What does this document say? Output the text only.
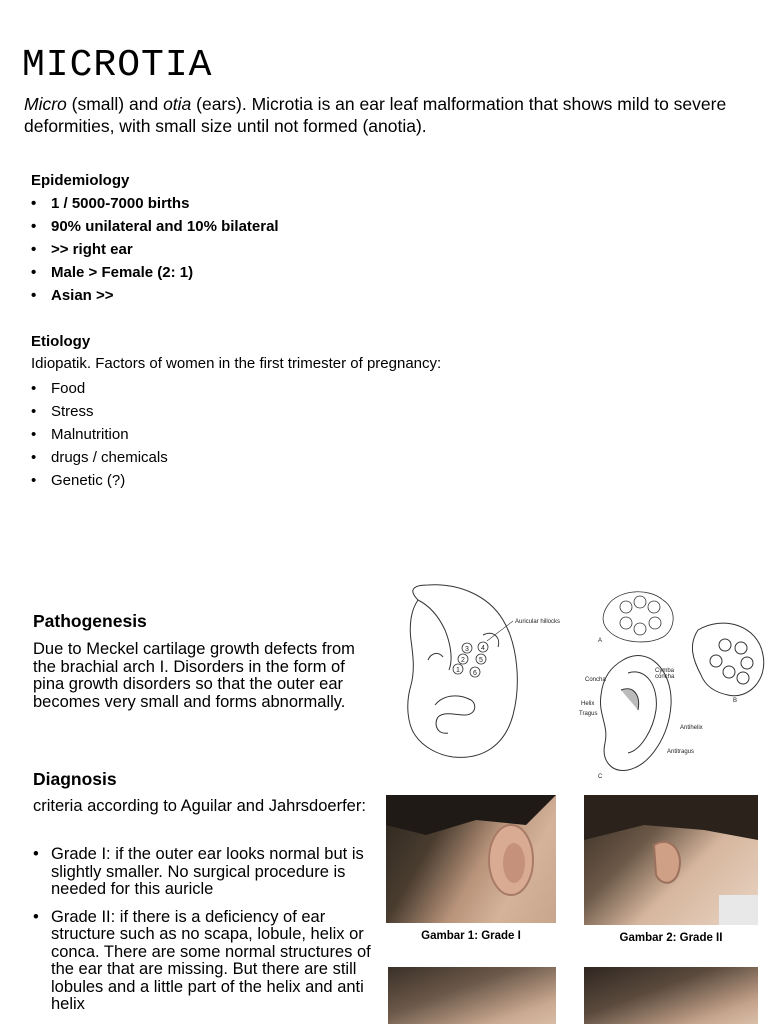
MICROTIA

Micro (small) and otia (ears). Microtia is an ear leaf malformation that shows mild to severe deformities, with small size until not formed (anotia).

Epidemiology
• 1 / 5000-7000 births
• 90% unilateral and 10% bilateral
• >> right ear
• Male > Female (2: 1)
• Asian >>
Etiology
Idiopatik. Factors of women in the first trimester of pregnancy:
• Food
• Stress
• Malnutrition
• drugs / chemicals
• Genetic (?)
Pathogenesis

Due to Meckel cartilage growth defects from the brachial arch I. Disorders in the form of pina growth disorders so that the outer ear becomes very small and forms abnormally.

Diagnosis

criteria according to Aguilar and Jahrsdoerfer:

• Grade I: if the outer ear looks normal but is slightly smaller. No surgical procedure is needed for this auricle
• Grade II: if there is a deficiency of ear structure such as no scapa, lobule, helix or conca. There are some normal structures of the ear that are missing. But there are still lobules and a little part of the helix and anti helix
3 4
2 5
1 6
Auricular hillocks
A
B
Concha
Cymba
concha
Helix
Tragus
Antihelix
Antitragus
C
Gambar 1: Grade I	Gambar 2: Grade II
